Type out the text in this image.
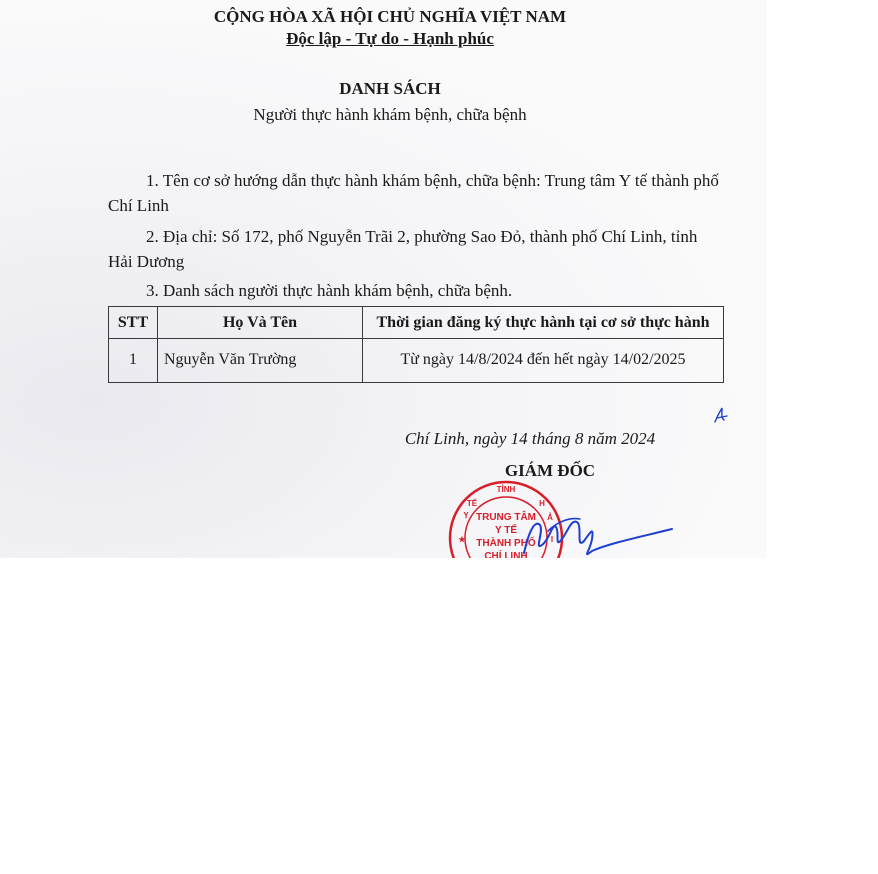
CỘNG HÒA XÃ HỘI CHỦ NGHĨA VIỆT NAM
Độc lập - Tự do - Hạnh phúc
DANH SÁCH
Người thực hành khám bệnh, chữa bệnh
1. Tên cơ sở hướng dẫn thực hành khám bệnh, chữa bệnh: Trung tâm Y tế thành phố Chí Linh
2. Địa chỉ: Số 172, phố Nguyễn Trãi 2, phường Sao Đỏ, thành phố Chí Linh, tỉnh Hải Dương
3. Danh sách người thực hành khám bệnh, chữa bệnh.
STT	Họ Và Tên	Thời gian đăng ký thực hành tại cơ sở thực hành
1	Nguyễn Văn Trường	Từ ngày 14/8/2024 đến hết ngày 14/02/2025
Chí Linh, ngày 14 tháng 8 năm 2024
TRUNG TÂM
Y TẾ
THÀNH PHỐ
CHÍ LINH
Y
TẾ
TỈNH
H
Ả
I
★
GIÁM ĐỐC
